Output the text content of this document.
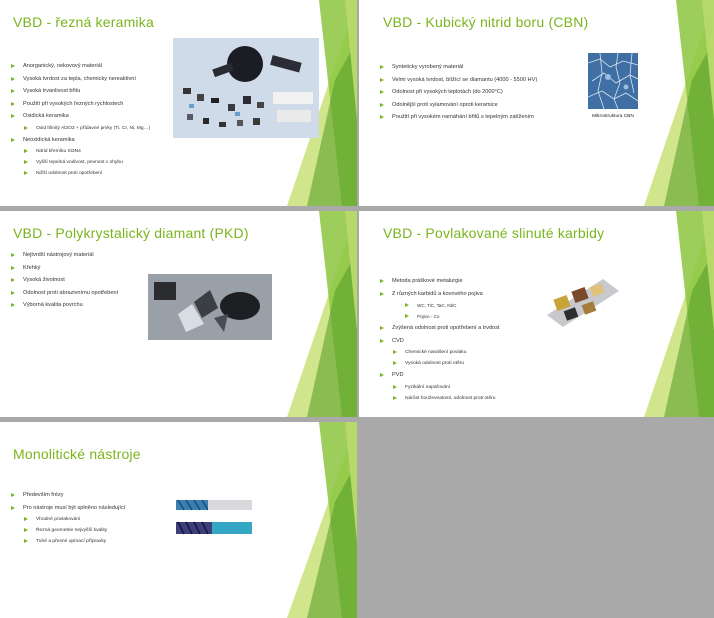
VBD - řezná keramika
Anorganický, nekovový materiál
Vysoká tvrdost za tepla, chemicky nereaktivní
Vysoká trvanlivost břitu
Použití při vysokých řezných rychlostech
Oxidická keramika
Oxid hlinitý Al2O3 + přídavné prvky (Ti, Cr, Ni, Mg…)
Neoxidická keramika
Nitrid křemíku Si3N4
Vyšší tepelná vodivost, pevnost v ohybu
Nižší odolnost proti opotřebení
VBD - Kubický nitrid boru (CBN)
Synteticky vyrobený materiál
Velmi vysoká tvrdost, blížící se diamantu (4000 - 5500 HV)
Odolnost při vysokých teplotách (do 2000°C)
Odolnější proti vylamování oproti keramice
Použití při vysokém namáhání břitů s tepelným zatížením	Mikrostruktura CBN
VBD - Polykrystalický diamant (PKD)
Nejtvrdší nástrojový materiál
Křehký
Vysoká životnost
Odolnost proti abrazivnímu opotřebení
Výborná kvalita povrchu
VBD - Povlakované slinuté karbidy
Metoda práškové metalurgie
Z různých karbidů a kovového pojiva
WC, TiC, TaC, NbC
Pojivo - Co
Zvýšená odolnost proti opotřebení a trvdost
CVD
Chemické nanášení povlaku
Vysoká odolnost proti otěru
PVD
Fyzikální napařování
Nárůst houževnatosti, odolnost proti otěru
Monolitické nástroje
Především frézy
Pro nástroje musí být splněno následující
Vhodné povlakování
Řezná geometrie nejvyšší kvality
Tuhé a přesné upínací přípravky
